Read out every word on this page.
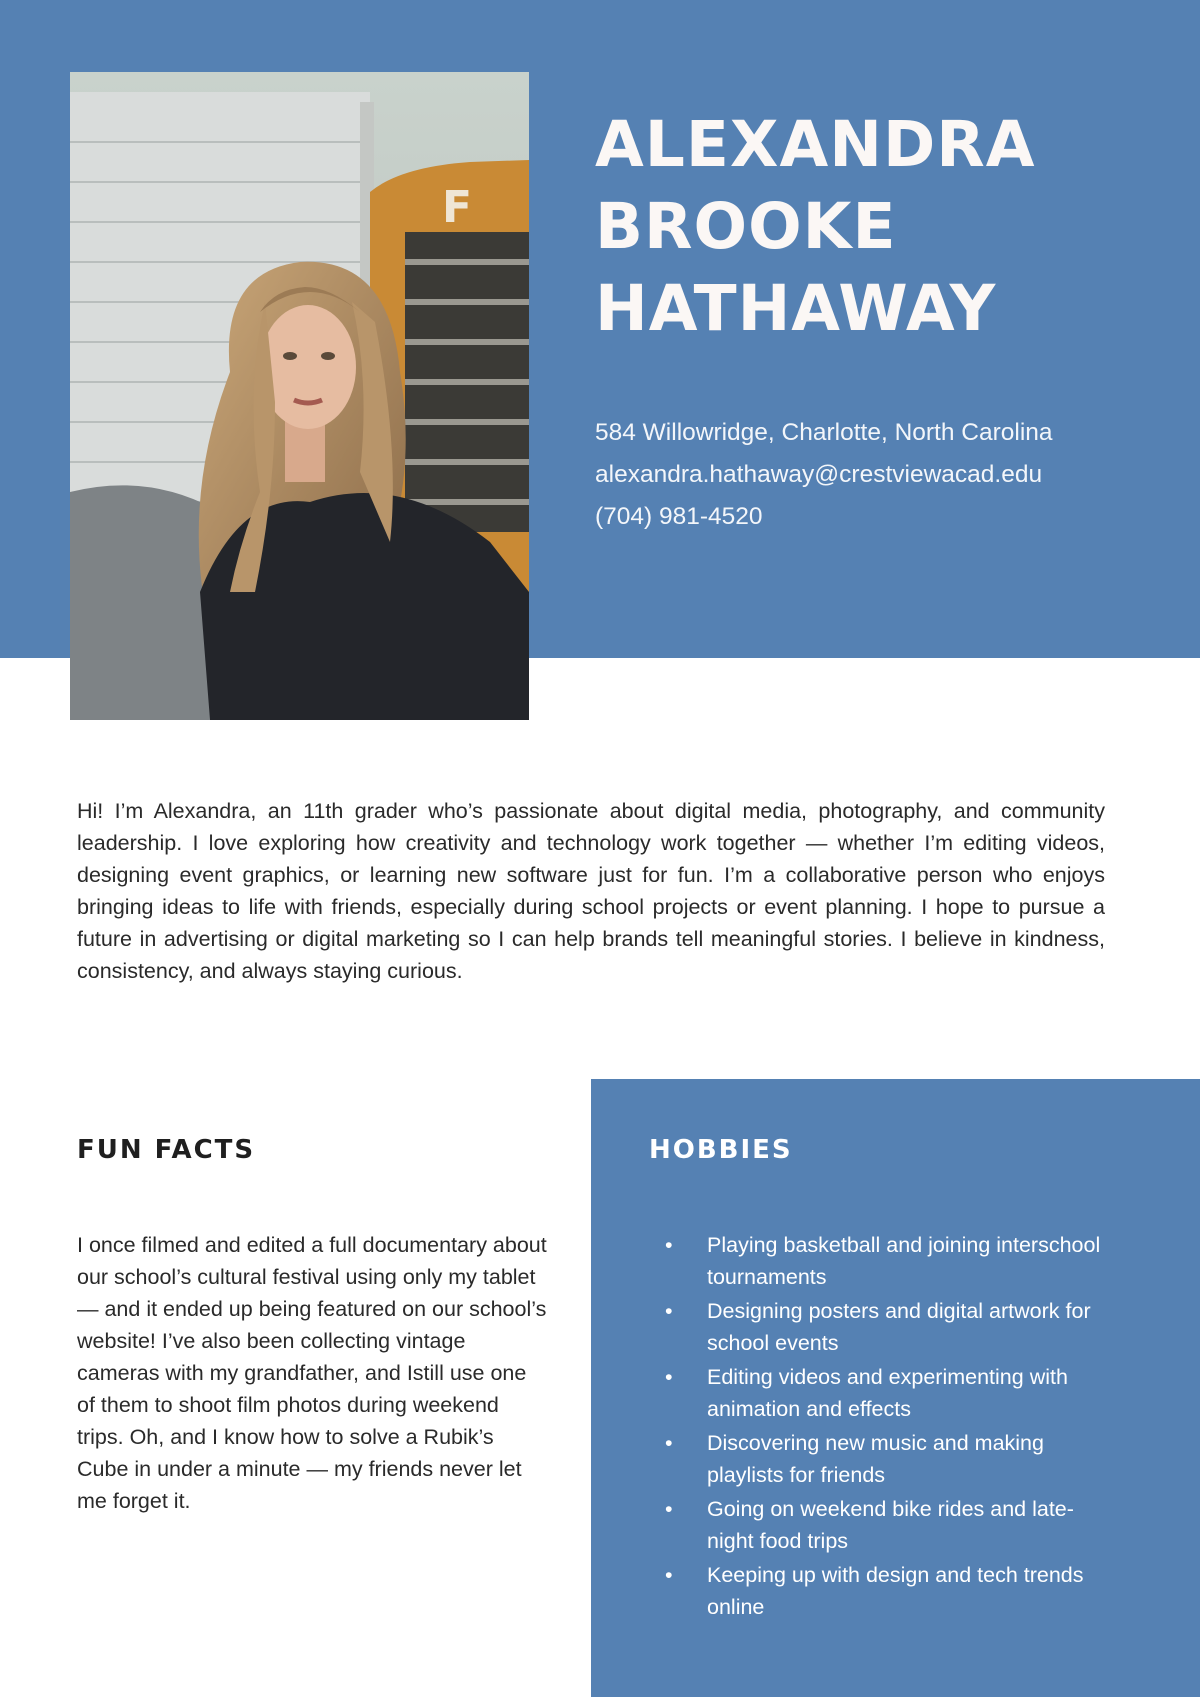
F
ALEXANDRA
BROOKE
HATHAWAY
584 Willowridge, Charlotte, North Carolina
alexandra.hathaway@crestviewacad.edu
(704) 981-4520

Hi! I’m Alexandra, an 11th grader who’s passionate about digital media, photography, and community leadership. I love exploring how creativity and technology work together — whether I’m editing videos, designing event graphics, or learning new software just for fun. I’m a collaborative person who enjoys bringing ideas to life with friends, especially during school projects or event planning. I hope to pursue a future in advertising or digital marketing so I can help brands tell meaningful stories. I believe in kindness, consistency, and always staying curious.

FUN FACTS

I once filmed and edited a full documentary about our school’s cultural festival using only my tablet — and it ended up being featured on our school’s website! I’ve also been collecting vintage cameras with my grandfather, and Istill use one of them to shoot film photos during weekend trips. Oh, and I know how to solve a Rubik’s Cube in under a minute — my friends never let me forget it.

HOBBIES
• Playing basketball and joining interschool tournaments
• Designing posters and digital artwork for school events
• Editing videos and experimenting with animation and effects
• Discovering new music and making playlists for friends
• Going on weekend bike rides and late-night food trips
• Keeping up with design and tech trends online
